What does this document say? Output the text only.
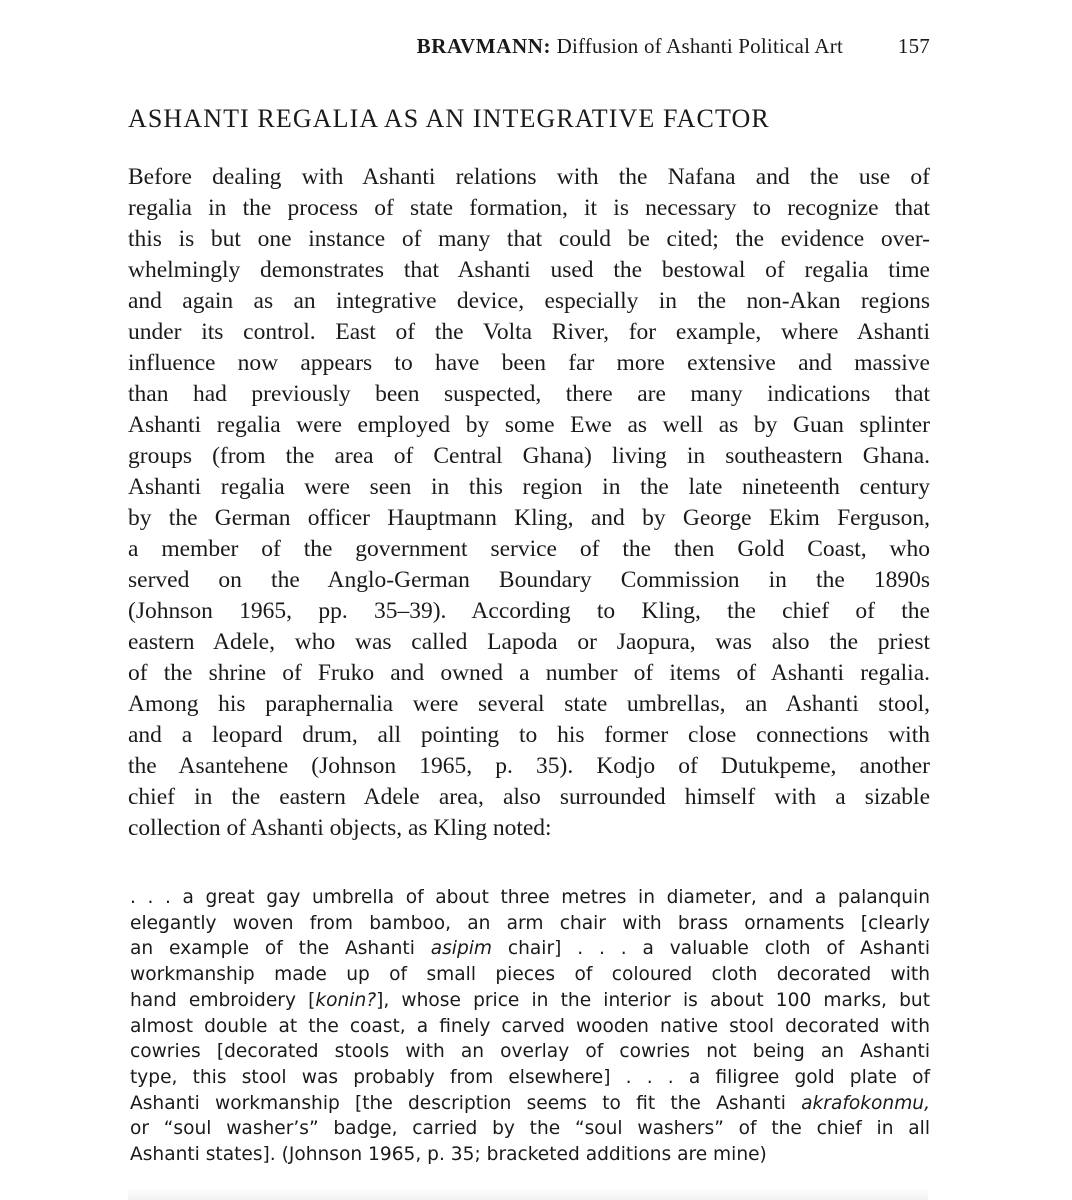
BRAVMANN: Diffusion of Ashanti Political Art	157
ASHANTI REGALIA AS AN INTEGRATIVE FACTOR
Before dealing with Ashanti relations with the Nafana and the use of
regalia in the process of state formation, it is necessary to recognize that
this is but one instance of many that could be cited; the evidence over-
whelmingly demonstrates that Ashanti used the bestowal of regalia time
and again as an integrative device, especially in the non-Akan regions
under its control. East of the Volta River, for example, where Ashanti
influence now appears to have been far more extensive and massive
than had previously been suspected, there are many indications that
Ashanti regalia were employed by some Ewe as well as by Guan splinter
groups (from the area of Central Ghana) living in southeastern Ghana.
Ashanti regalia were seen in this region in the late nineteenth century
by the German officer Hauptmann Kling, and by George Ekim Ferguson,
a member of the government service of the then Gold Coast, who
served on the Anglo-German Boundary Commission in the 1890s
(Johnson 1965, pp. 35–39). According to Kling, the chief of the
eastern Adele, who was called Lapoda or Jaopura, was also the priest
of the shrine of Fruko and owned a number of items of Ashanti regalia.
Among his paraphernalia were several state umbrellas, an Ashanti stool,
and a leopard drum, all pointing to his former close connections with
the Asantehene (Johnson 1965, p. 35). Kodjo of Dutukpeme, another
chief in the eastern Adele area, also surrounded himself with a sizable
collection of Ashanti objects, as Kling noted:
. . . a great gay umbrella of about three metres in diameter, and a palanquin
elegantly woven from bamboo, an arm chair with brass ornaments [clearly
an example of the Ashanti asipim chair] . . . a valuable cloth of Ashanti
workmanship made up of small pieces of coloured cloth decorated with
hand embroidery [konin?], whose price in the interior is about 100 marks, but
almost double at the coast, a finely carved wooden native stool decorated with
cowries [decorated stools with an overlay of cowries not being an Ashanti
type, this stool was probably from elsewhere] . . . a filigree gold plate of
Ashanti workmanship [the description seems to fit the Ashanti akrafokonmu,
or “soul washer’s” badge, carried by the “soul washers” of the chief in all
Ashanti states]. (Johnson 1965, p. 35; bracketed additions are mine)
